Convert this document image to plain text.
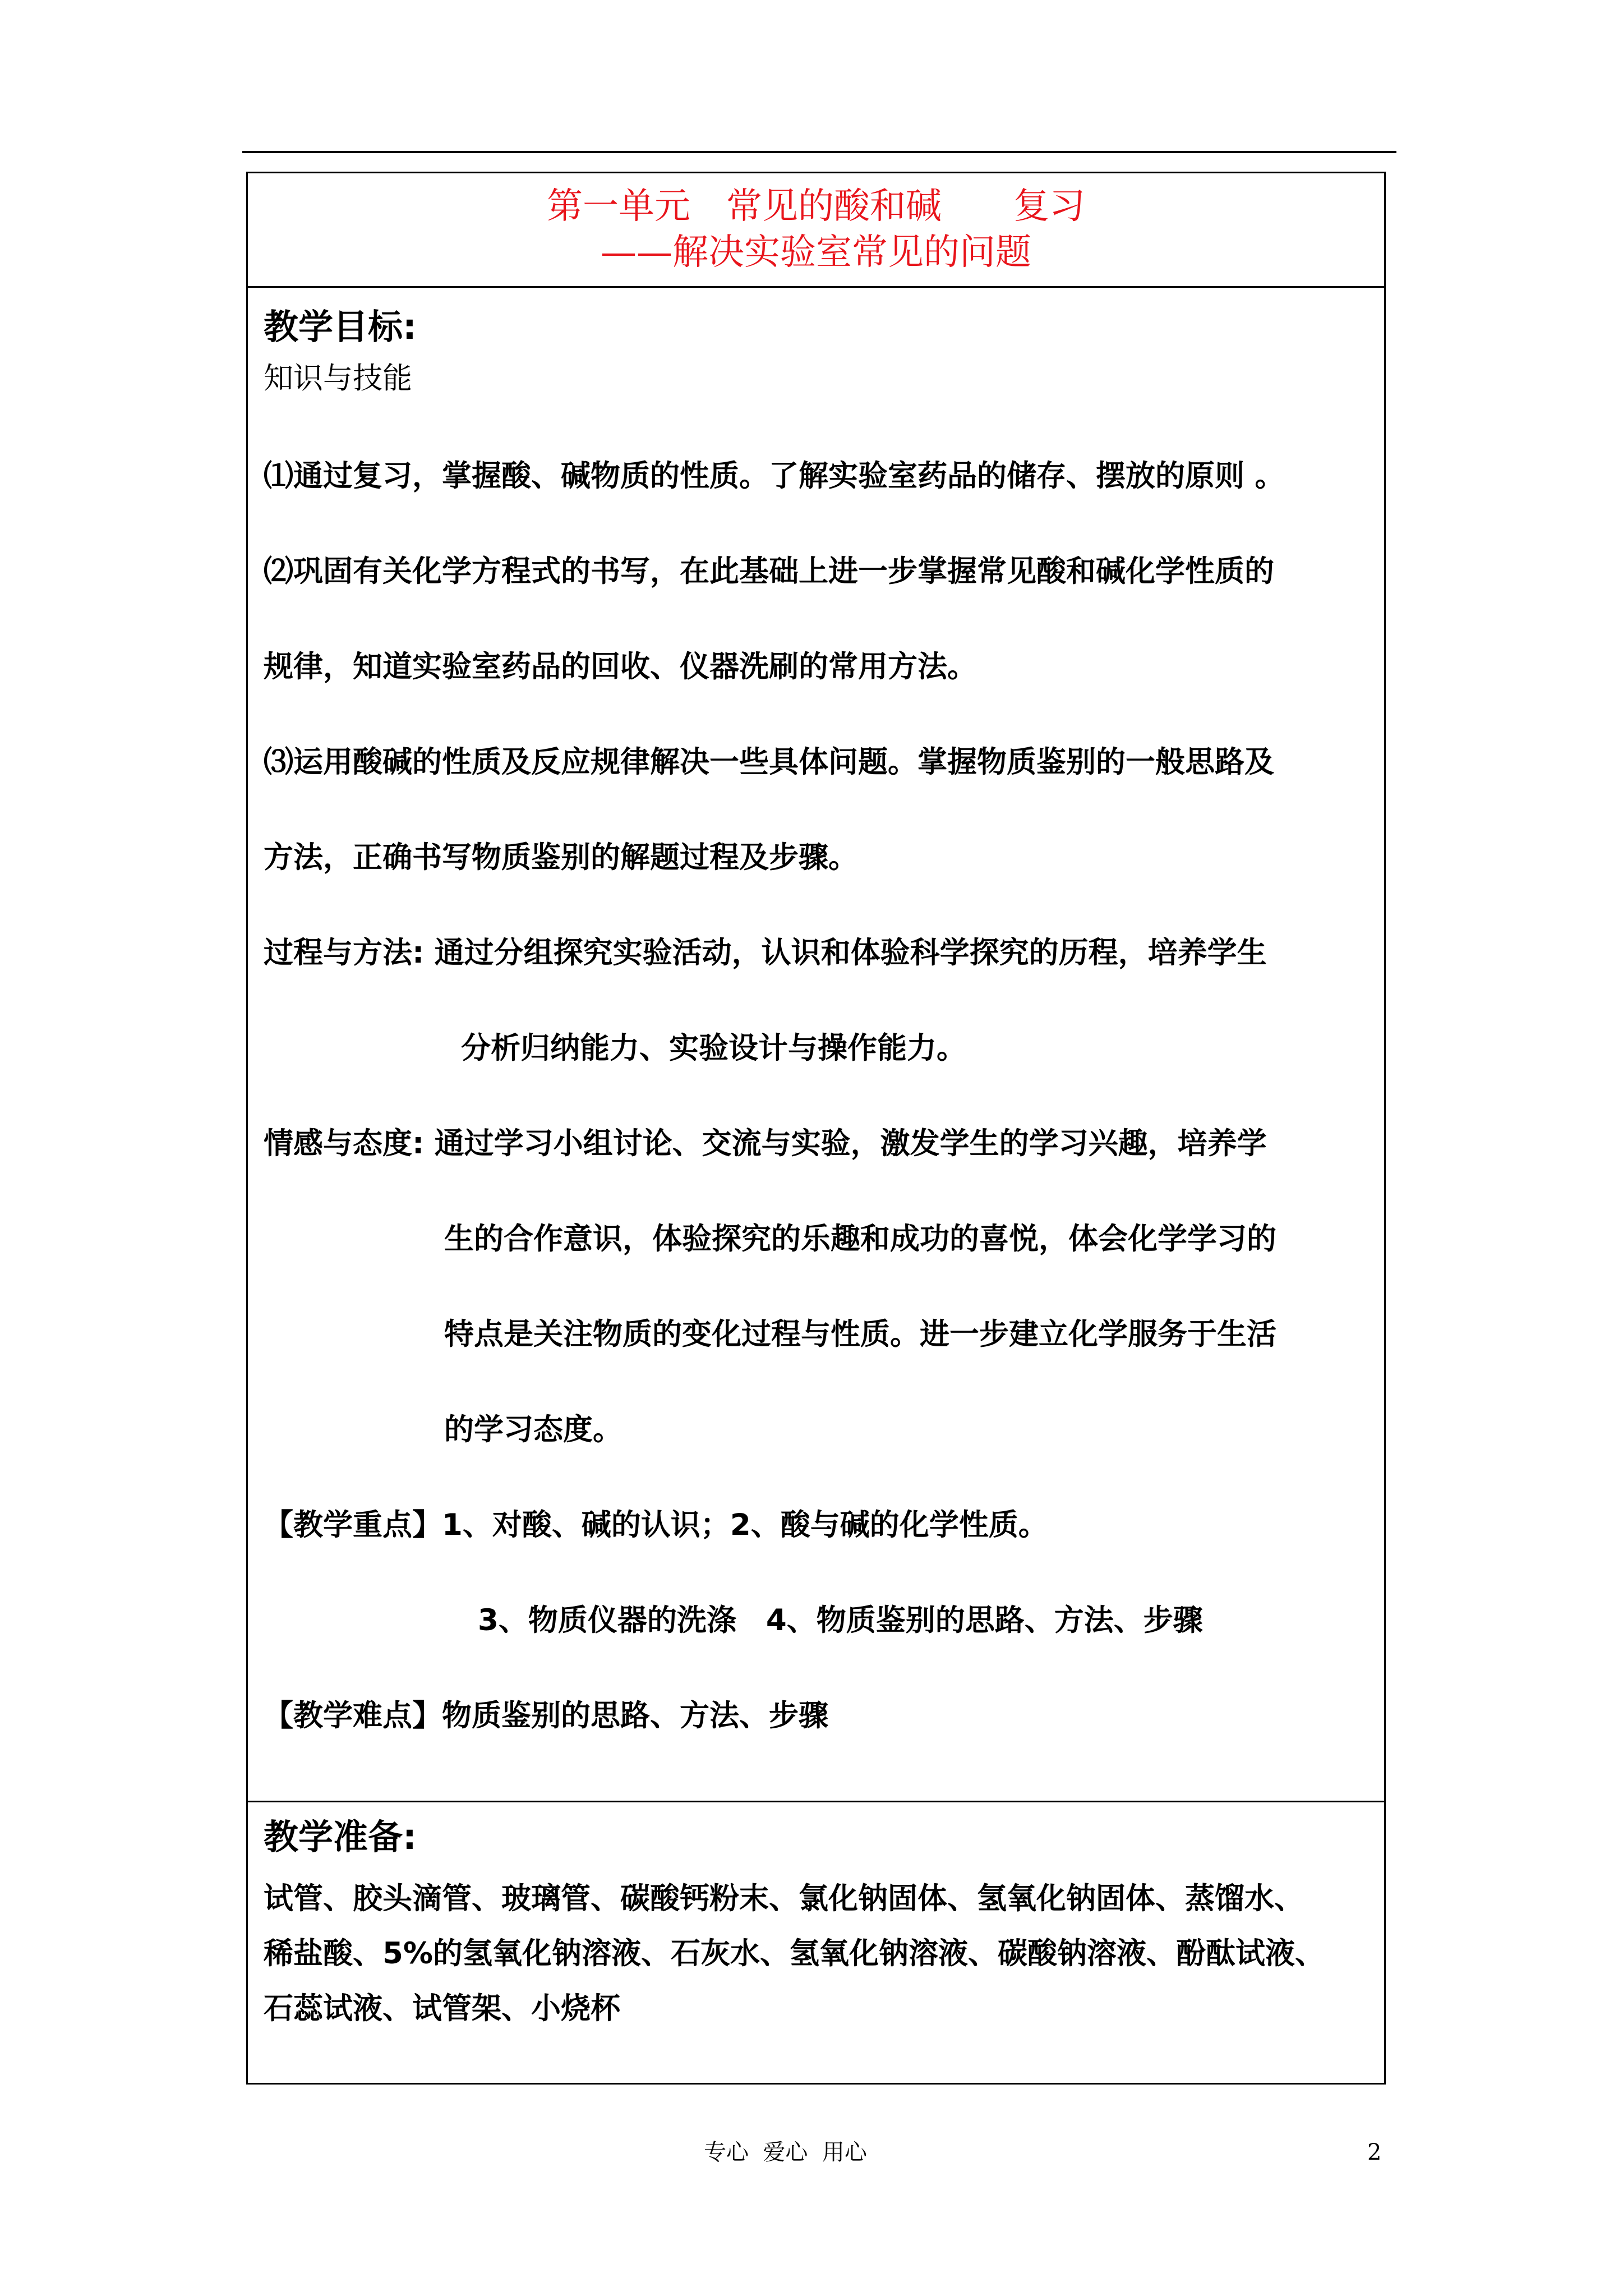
第一单元　常见的酸和碱　　复习
——解决实验室常见的问题
教学目标:
知识与技能
⑴通过复习，掌握酸、碱物质的性质。了解实验室药品的储存、摆放的原则 。
⑵巩固有关化学方程式的书写，在此基础上进一步掌握常见酸和碱化学性质的
规律，知道实验室药品的回收、仪器洗刷的常用方法。
⑶运用酸碱的性质及反应规律解决一些具体问题。掌握物质鉴别的一般思路及
方法，正确书写物质鉴别的解题过程及步骤。
过程与方法: 通过分组探究实验活动，认识和体验科学探究的历程，培养学生
分析归纳能力、实验设计与操作能力。
情感与态度: 通过学习小组讨论、交流与实验，激发学生的学习兴趣，培养学
生的合作意识，体验探究的乐趣和成功的喜悦，体会化学学习的
特点是关注物质的变化过程与性质。进一步建立化学服务于生活
的学习态度。
【教学重点】1、对酸、碱的认识；2、酸与碱的化学性质。
3、物质仪器的洗涤　4、物质鉴别的思路、方法、步骤
【教学难点】物质鉴别的思路、方法、步骤
教学准备:
试管、胶头滴管、玻璃管、碳酸钙粉末、氯化钠固体、氢氧化钠固体、蒸馏水、
稀盐酸、5%的氢氧化钠溶液、石灰水、氢氧化钠溶液、碳酸钠溶液、酚酞试液、
石蕊试液、试管架、小烧杯
专心  爱心  用心	2
